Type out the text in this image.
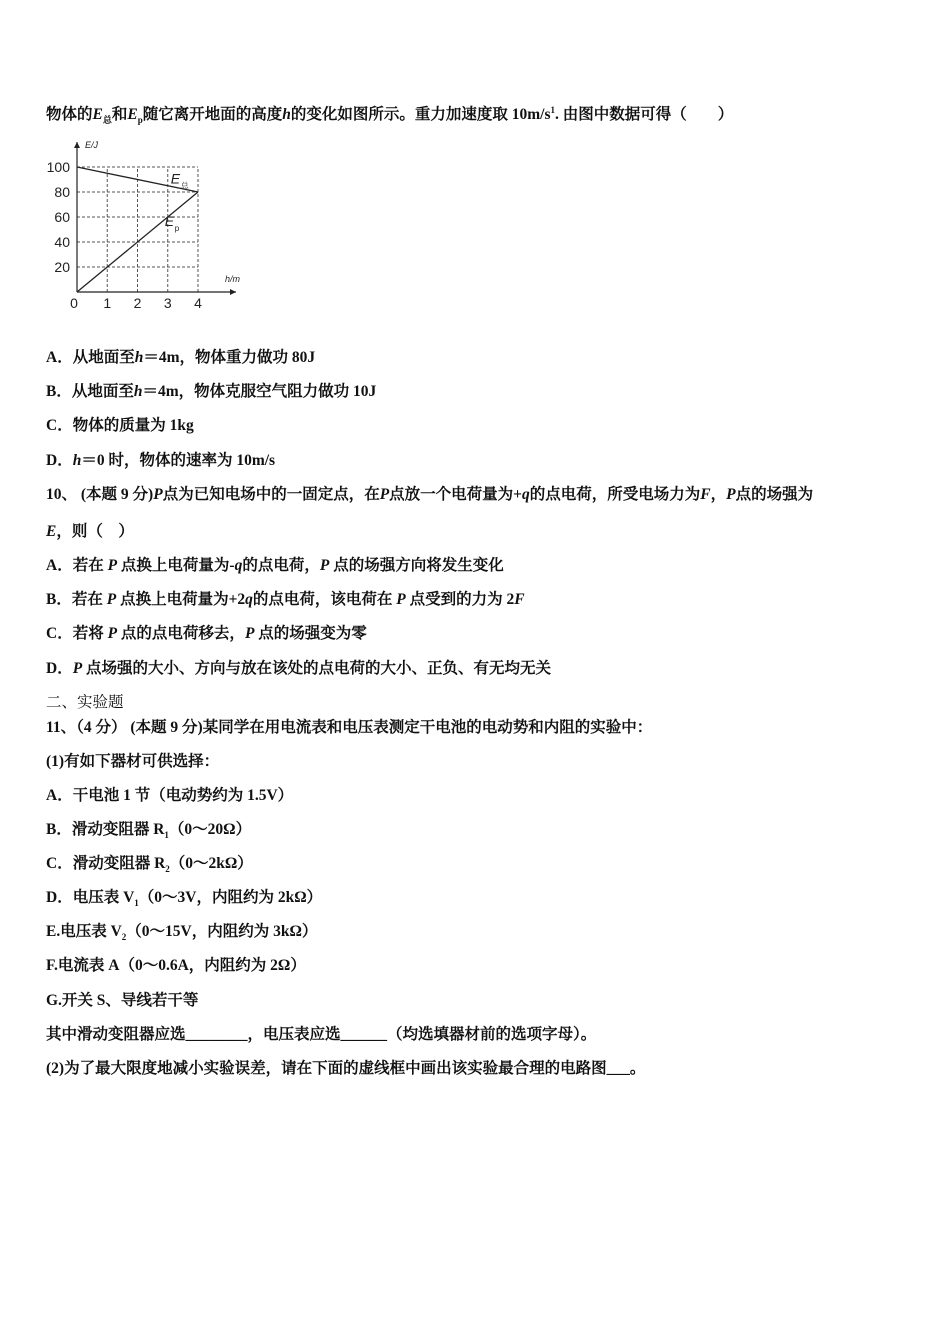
物体的$E_总$和$E_p$随它离开地面的高度h的变化如图所示。重力加速度取 $10m/s^1$. 由图中数据可得（　　）
20
40
60
80
100
0 1 2 3 4
E/J
h/m
E 总
E p
A．从地面至h＝4m，物体重力做功 80J
B．从地面至h＝4m，物体克服空气阻力做功 10J
C．物体的质量为 1kg
D．h＝0 时，物体的速率为 10m/s
10、 (本题 9 分)P点为已知电场中的一固定点，在P点放一个电荷量为+q的点电荷，所受电场力为F，P点的场强为
E，则（　）
A．若在 P 点换上电荷量为-q的点电荷，P 点的场强方向将发生变化
B．若在 P 点换上电荷量为+2q的点电荷，该电荷在 P 点受到的力为 2F
C．若将 P 点的点电荷移去，P 点的场强变为零
D．P 点场强的大小、方向与放在该处的点电荷的大小、正负、有无均无关
二、实验题
11、（4 分） (本题 9 分)某同学在用电流表和电压表测定干电池的电动势和内阻的实验中：
(1)有如下器材可供选择：
A．干电池 1 节（电动势约为 1.5V）
B．滑动变阻器 $R_1(0\sim 20\Omega)$
C．滑动变阻器 $R_2(0\sim 2k\Omega)$
D．电压表 $V_1(0\sim 3V$，内阻约为 2kΩ）
E.电压表 $V_2(0\sim 15V$，内阻约为 3kΩ）
F.电流表 A（0～0.6A，内阻约为 2Ω）
G.开关 S、导线若干等
其中滑动变阻器应选________，电压表应选______（均选填器材前的选项字母）。
(2)为了最大限度地减小实验误差，请在下面的虚线框中画出该实验最合理的电路图___。
